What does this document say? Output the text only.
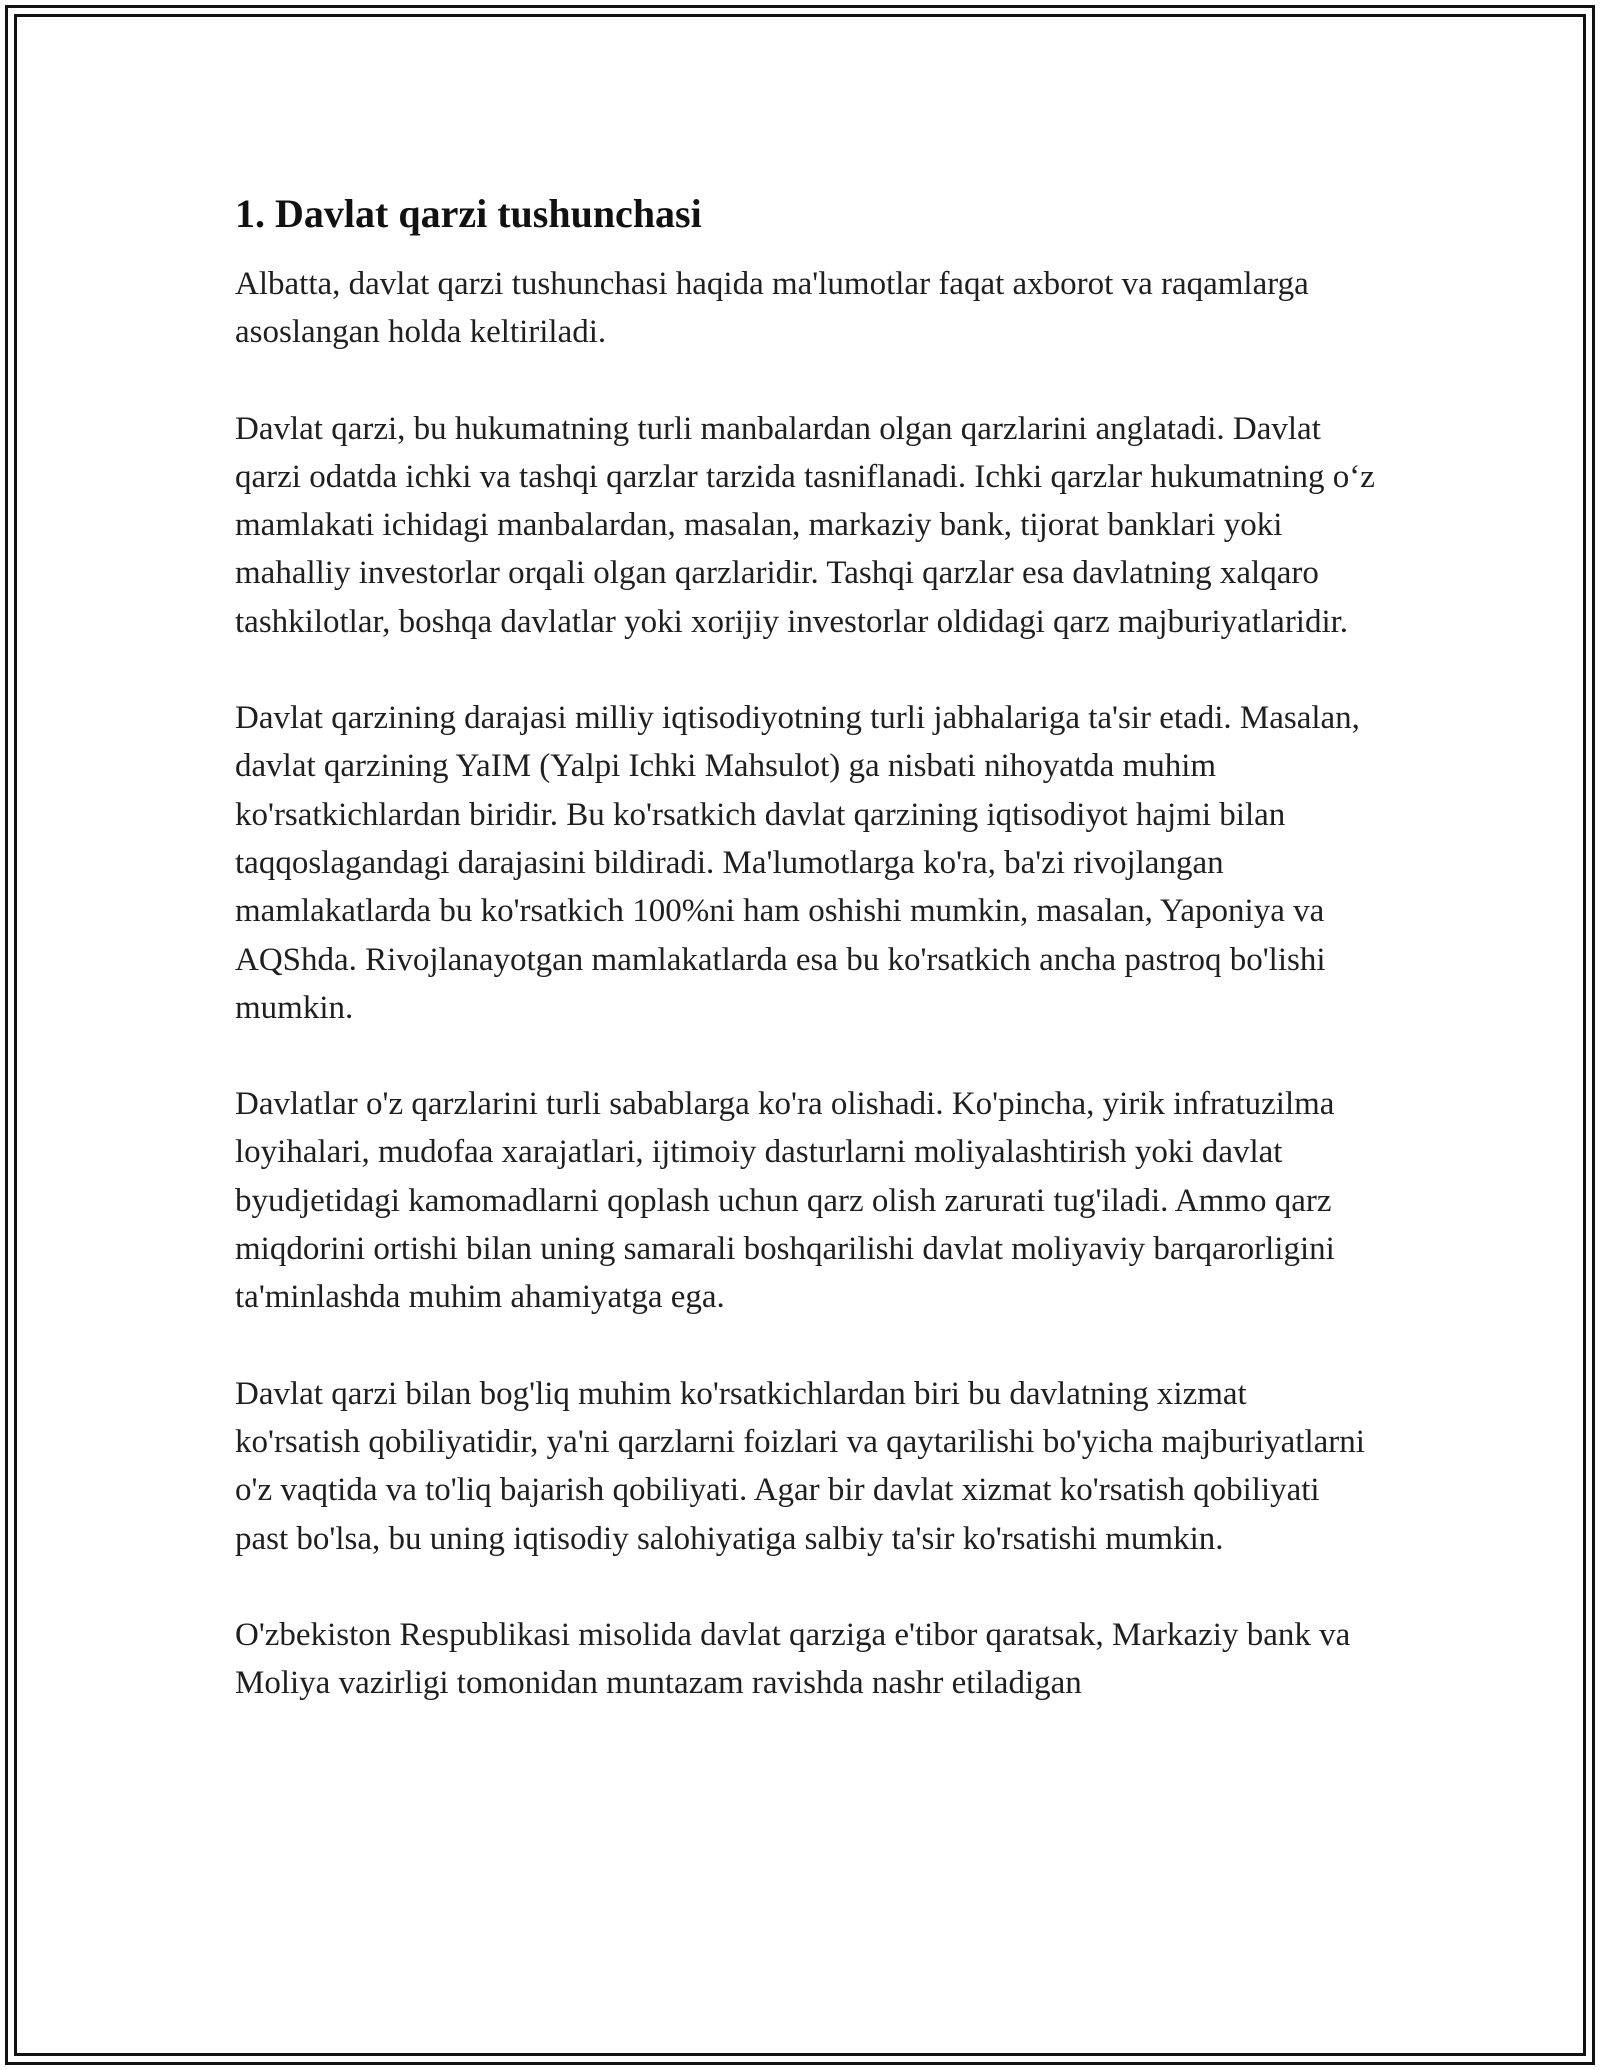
1. Davlat qarzi tushunchasi

Albatta, davlat qarzi tushunchasi haqida ma'lumotlar faqat axborot va raqamlarga asoslangan holda keltiriladi.

Davlat qarzi, bu hukumatning turli manbalardan olgan qarzlarini anglatadi. Davlat qarzi odatda ichki va tashqi qarzlar tarzida tasniflanadi. Ichki qarzlar hukumatning o‘z mamlakati ichidagi manbalardan, masalan, markaziy bank, tijorat banklari yoki mahalliy investorlar orqali olgan qarzlaridir. Tashqi qarzlar esa davlatning xalqaro tashkilotlar, boshqa davlatlar yoki xorijiy investorlar oldidagi qarz majburiyatlaridir.

Davlat qarzining darajasi milliy iqtisodiyotning turli jabhalariga ta'sir etadi. Masalan, davlat qarzining YaIM (Yalpi Ichki Mahsulot) ga nisbati nihoyatda muhim ko'rsatkichlardan biridir. Bu ko'rsatkich davlat qarzining iqtisodiyot hajmi bilan taqqoslagandagi darajasini bildiradi. Ma'lumotlarga ko'ra, ba'zi rivojlangan mamlakatlarda bu ko'rsatkich 100%ni ham oshishi mumkin, masalan, Yaponiya va AQShda. Rivojlanayotgan mamlakatlarda esa bu ko'rsatkich ancha pastroq bo'lishi mumkin.

Davlatlar o'z qarzlarini turli sabablarga ko'ra olishadi. Ko'pincha, yirik infratuzilma loyihalari, mudofaa xarajatlari, ijtimoiy dasturlarni moliyalashtirish yoki davlat byudjetidagi kamomadlarni qoplash uchun qarz olish zarurati tug'iladi. Ammo qarz miqdorini ortishi bilan uning samarali boshqarilishi davlat moliyaviy barqarorligini ta'minlashda muhim ahamiyatga ega.

Davlat qarzi bilan bog'liq muhim ko'rsatkichlardan biri bu davlatning xizmat ko'rsatish qobiliyatidir, ya'ni qarzlarni foizlari va qaytarilishi bo'yicha majburiyatlarni o'z vaqtida va to'liq bajarish qobiliyati. Agar bir davlat xizmat ko'rsatish qobiliyati past bo'lsa, bu uning iqtisodiy salohiyatiga salbiy ta'sir ko'rsatishi mumkin.

O'zbekiston Respublikasi misolida davlat qarziga e'tibor qaratsak, Markaziy bank va Moliya vazirligi tomonidan muntazam ravishda nashr etiladigan
